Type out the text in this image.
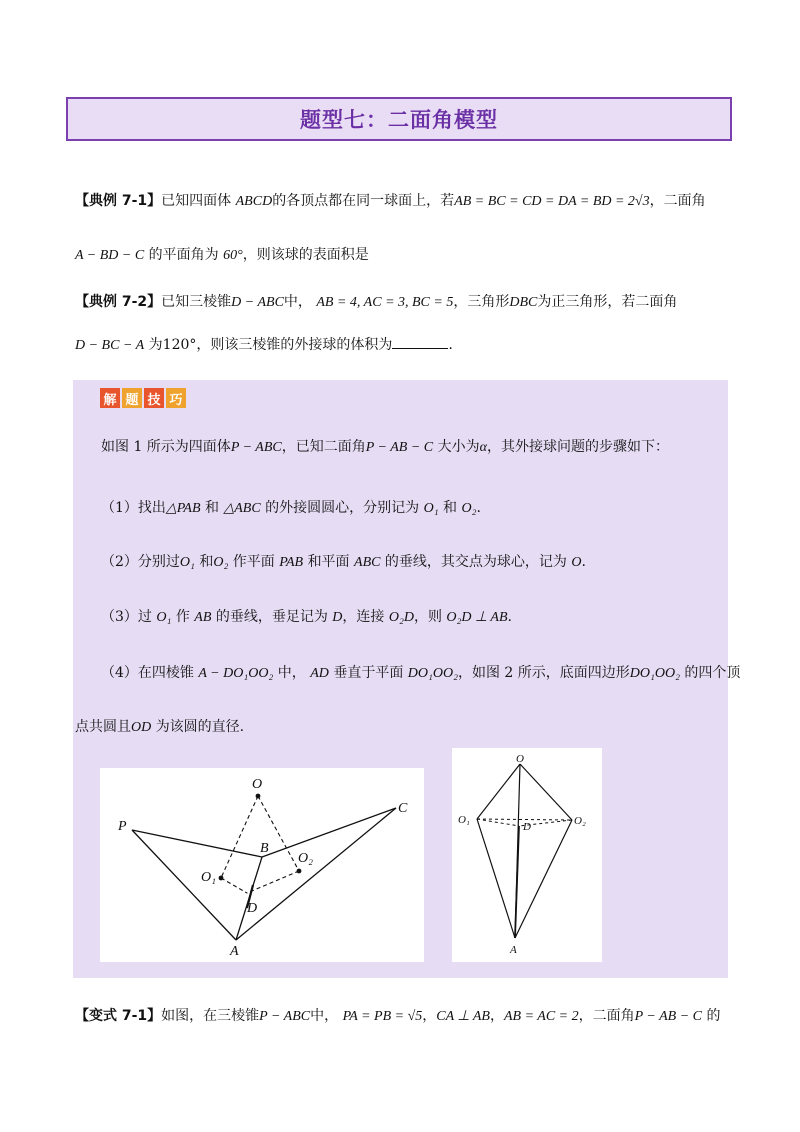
题型七：二面角模型
【典例 7-1】已知四面体 ABCD的各顶点都在同一球面上，若AB = BC = CD = DA = BD = 2√3，二面角
A − BD − C 的平面角为 60°，则该球的表面积是
【典例 7-2】已知三棱锥D − ABC中， AB = 4, AC = 3, BC = 5，三角形DBC为正三角形，若二面角
D − BC − A 为120°，则该三棱锥的外接球的体积为	.
解 题 技 巧
如图 1 所示为四面体P − ABC，已知二面角P − AB − C 大小为α，其外接球问题的步骤如下：
（1）找出△PAB 和 △ABC 的外接圆圆心，分别记为 O₁ 和 O₂.
（2）分别过O₁ 和O₂ 作平面 PAB 和平面 ABC 的垂线，其交点为球心，记为 O.
（3）过 O₁ 作 AB 的垂线，垂足记为 D，连接 O₂D，则 O₂D ⊥ AB.
（4）在四棱锥 A − DO₁OO₂ 中， AD 垂直于平面 DO₁OO₂，如图 2 所示，底面四边形DO₁OO₂ 的四个顶
点共圆且OD 为该圆的直径.
O
P
C
B
O₁
O₂
D
A
O
O₁
D	O₂
A
【变式 7-1】如图，在三棱锥P − ABC中， PA = PB = √5，CA ⊥ AB，AB = AC = 2，二面角P − AB − C 的
